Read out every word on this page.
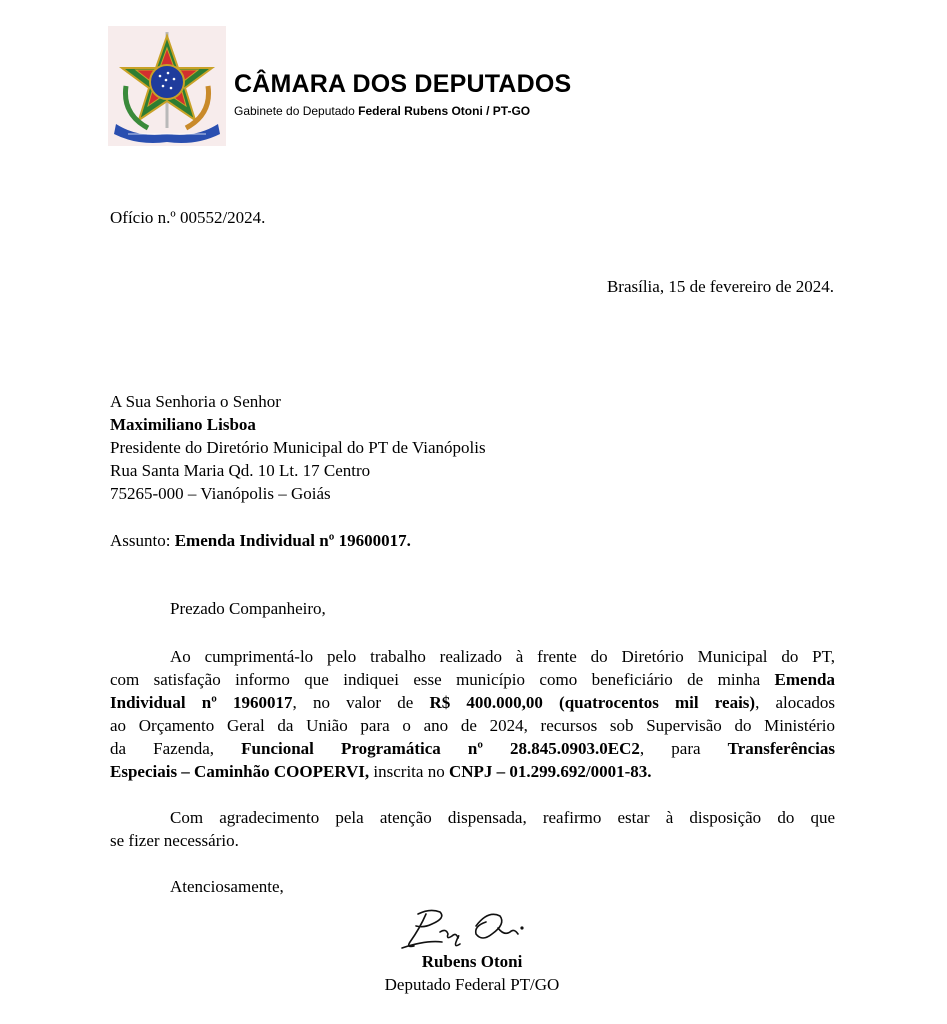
CÂMARA DOS DEPUTADOS
Gabinete do Deputado Federal Rubens Otoni / PT-GO
Ofício n.º 00552/2024.
Brasília, 15 de fevereiro de 2024.
A Sua Senhoria o Senhor
Maximiliano Lisboa
Presidente do Diretório Municipal do PT de Vianópolis
Rua Santa Maria Qd. 10 Lt. 17 Centro
75265-000 – Vianópolis – Goiás
Assunto: Emenda Individual nº 19600017.
Prezado Companheiro,
Ao cumprimentá-lo pelo trabalho realizado à frente do Diretório Municipal do PT,
com satisfação informo que indiquei esse município como beneficiário de minha Emenda
Individual nº 1960017, no valor de R$ 400.000,00 (quatrocentos mil reais), alocados
ao Orçamento Geral da União para o ano de 2024, recursos sob Supervisão do Ministério
da Fazenda, Funcional Programática nº 28.845.0903.0EC2, para Transferências
Especiais – Caminhão COOPERVI, inscrita no CNPJ – 01.299.692/0001-83.
Com agradecimento pela atenção dispensada, reafirmo estar à disposição do que
se fizer necessário.
Atenciosamente,
Rubens Otoni
Deputado Federal PT/GO
